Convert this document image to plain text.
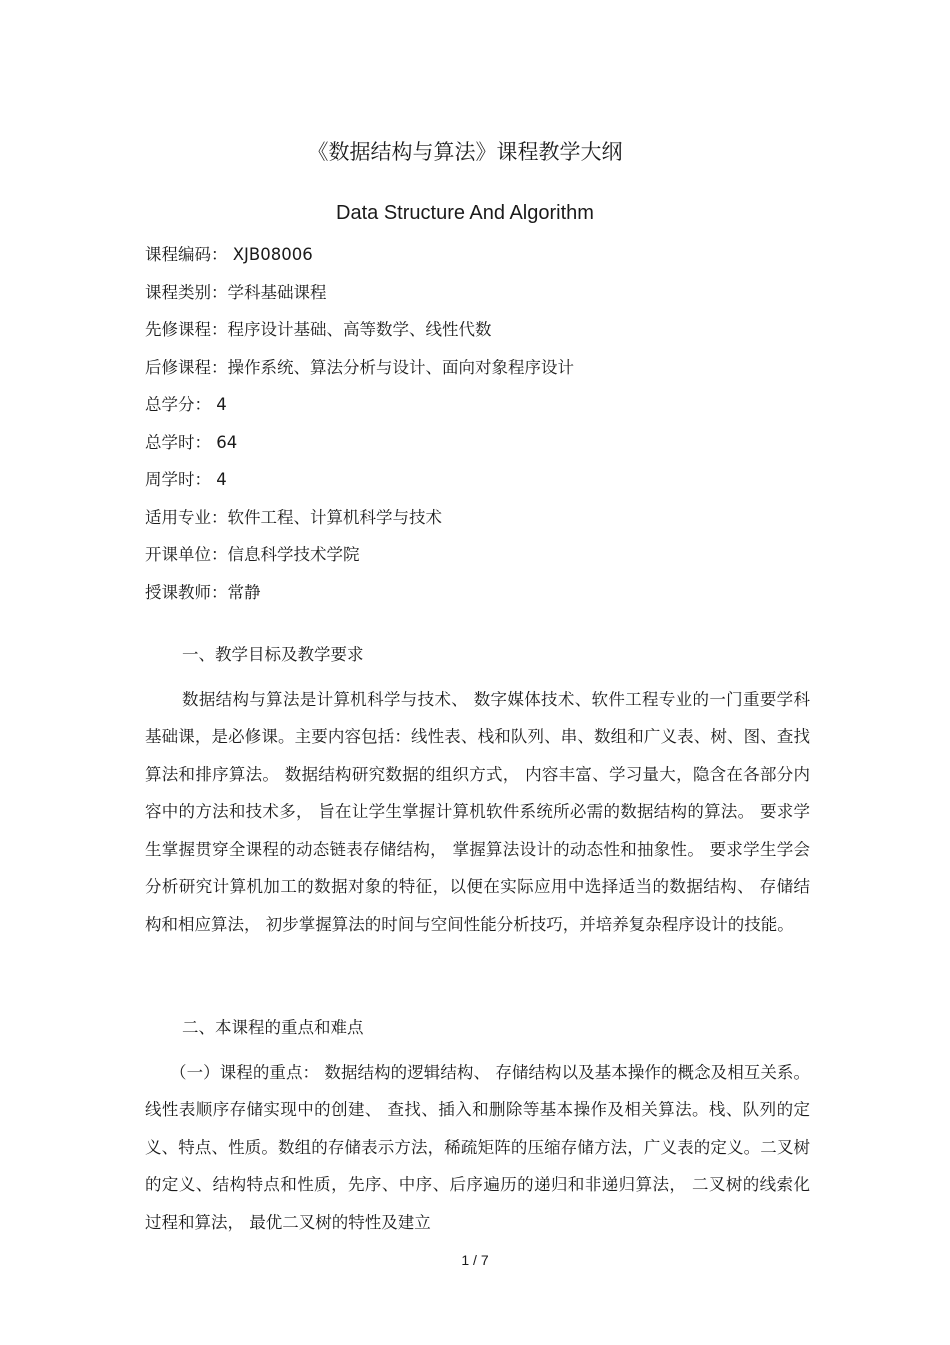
《数据结构与算法》课程教学大纲
Data Structure And Algorithm
课程编码： XJB08006
课程类别：学科基础课程
先修课程：程序设计基础、高等数学、线性代数
后修课程：操作系统、算法分析与设计、面向对象程序设计
总学分： 4
总学时： 64
周学时： 4
适用专业：软件工程、计算机科学与技术
开课单位：信息科学技术学院
授课教师：常静
一、教学目标及教学要求

数据结构与算法是计算机科学与技术、 数字媒体技术、软件工程专业的一门重要学科基础课，是必修课。主要内容包括：线性表、栈和队列、串、数组和广义表、树、图、查找算法和排序算法。 数据结构研究数据的组织方式， 内容丰富、学习量大，隐含在各部分内容中的方法和技术多， 旨在让学生掌握计算机软件系统所必需的数据结构的算法。 要求学生掌握贯穿全课程的动态链表存储结构， 掌握算法设计的动态性和抽象性。 要求学生学会分析研究计算机加工的数据对象的特征，以便在实际应用中选择适当的数据结构、 存储结构和相应算法， 初步掌握算法的时间与空间性能分析技巧，并培养复杂程序设计的技能。

二、本课程的重点和难点

（一）课程的重点： 数据结构的逻辑结构、 存储结构以及基本操作的概念及相互关系。 线性表顺序存储实现中的创建、 查找、插入和删除等基本操作及相关算法。栈、队列的定义、特点、性质。数组的存储表示方法，稀疏矩阵的压缩存储方法，广义表的定义。二叉树的定义、结构特点和性质，先序、中序、后序遍历的递归和非递归算法， 二叉树的线索化过程和算法， 最优二叉树的特性及建立

1 / 7
